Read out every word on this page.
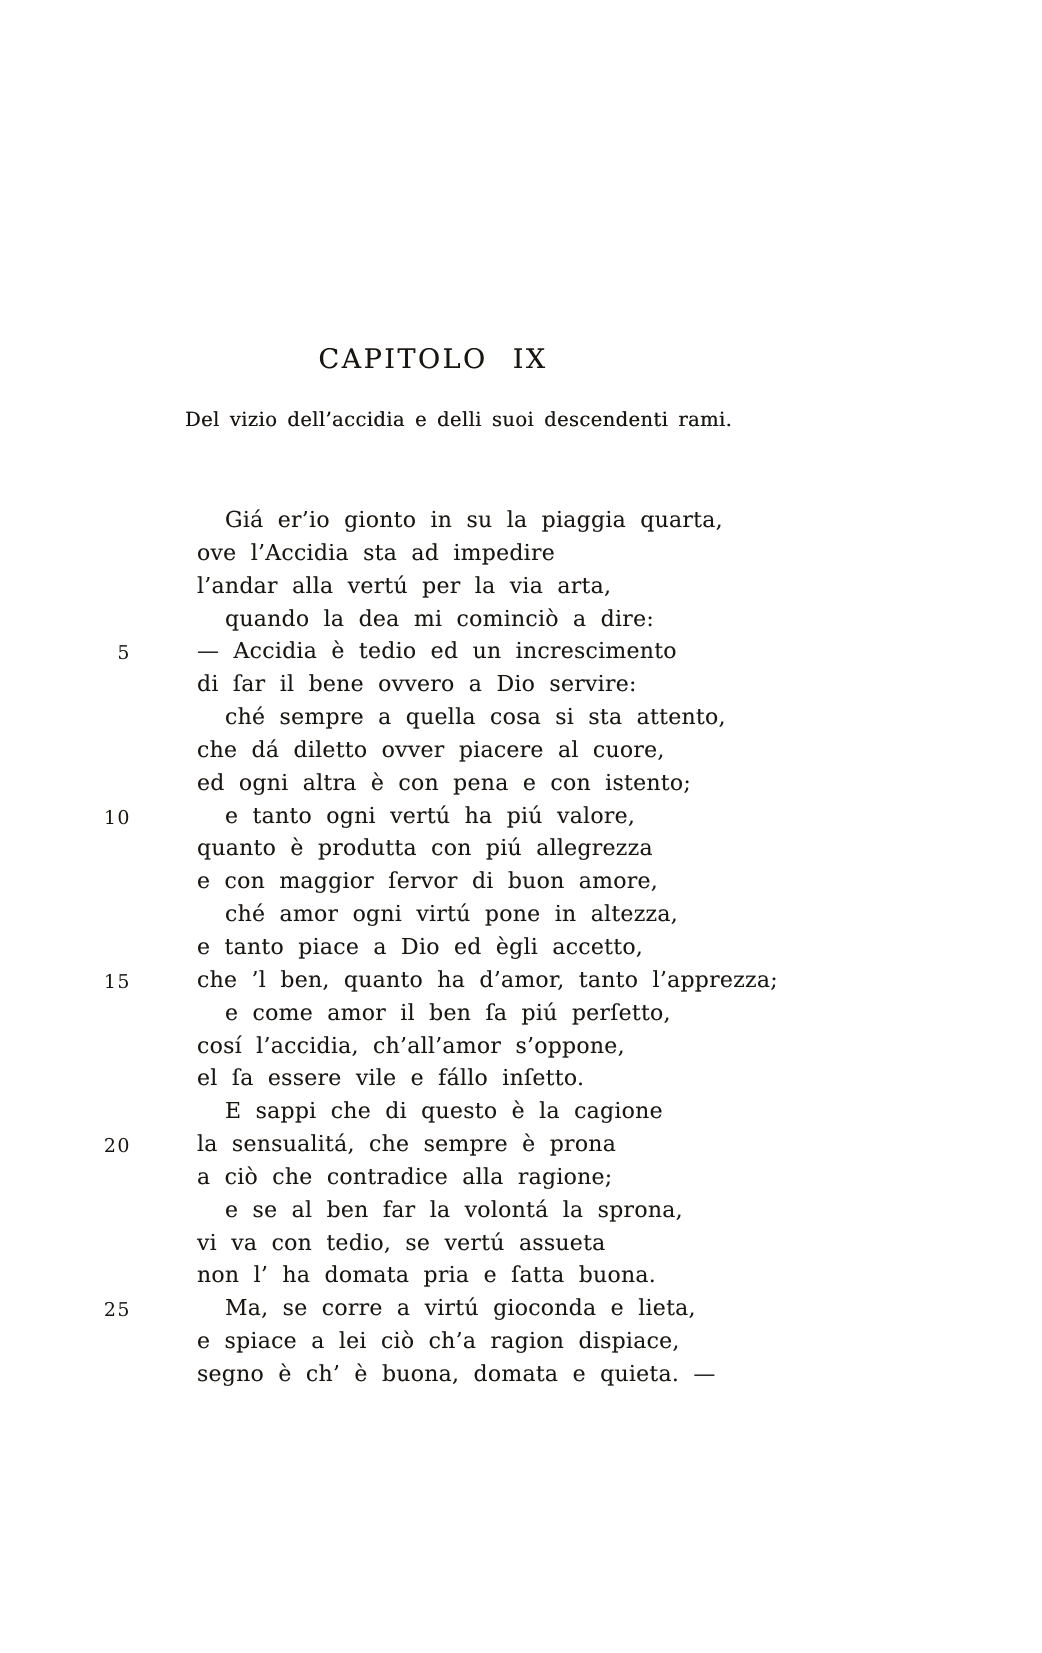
CAPITOLO IX
Del vizio dell’accidia e delli suoi descendenti rami.
Giá er’io gionto in su la piaggia quarta,
ove l’Accidia sta ad impedire
l’andar alla vertú per la via arta,
quando la dea mi cominciò a dire:
5	— Accidia è tedio ed un increscimento
di ſar il bene ovvero a Dio servire:
ché sempre a quella cosa si sta attento,
che dá diletto ovver piacere al cuore,
ed ogni altra è con pena e con istento;
10	e tanto ogni vertú ha piú valore,
quanto è produtta con piú allegrezza
e con maggior ſervor di buon amore,
ché amor ogni virtú pone in altezza,
e tanto piace a Dio ed ègli accetto,
15	che ’l ben, quanto ha d’amor, tanto l’apprezza;
e come amor il ben ſa piú perſetto,
cosí l’accidia, ch’all’amor s’oppone,
el ſa essere vile e fállo inſetto.
E sappi che di questo è la cagione
20	la sensualitá, che sempre è prona
a ciò che contradice alla ragione;
e se al ben far la volontá la sprona,
vi va con tedio, se vertú assueta
non l’ ha domata pria e ſatta buona.
25	Ma, se corre a virtú gioconda e lieta,
e spiace a lei ciò ch’a ragion dispiace,
segno è ch’ è buona, domata e quieta. —
